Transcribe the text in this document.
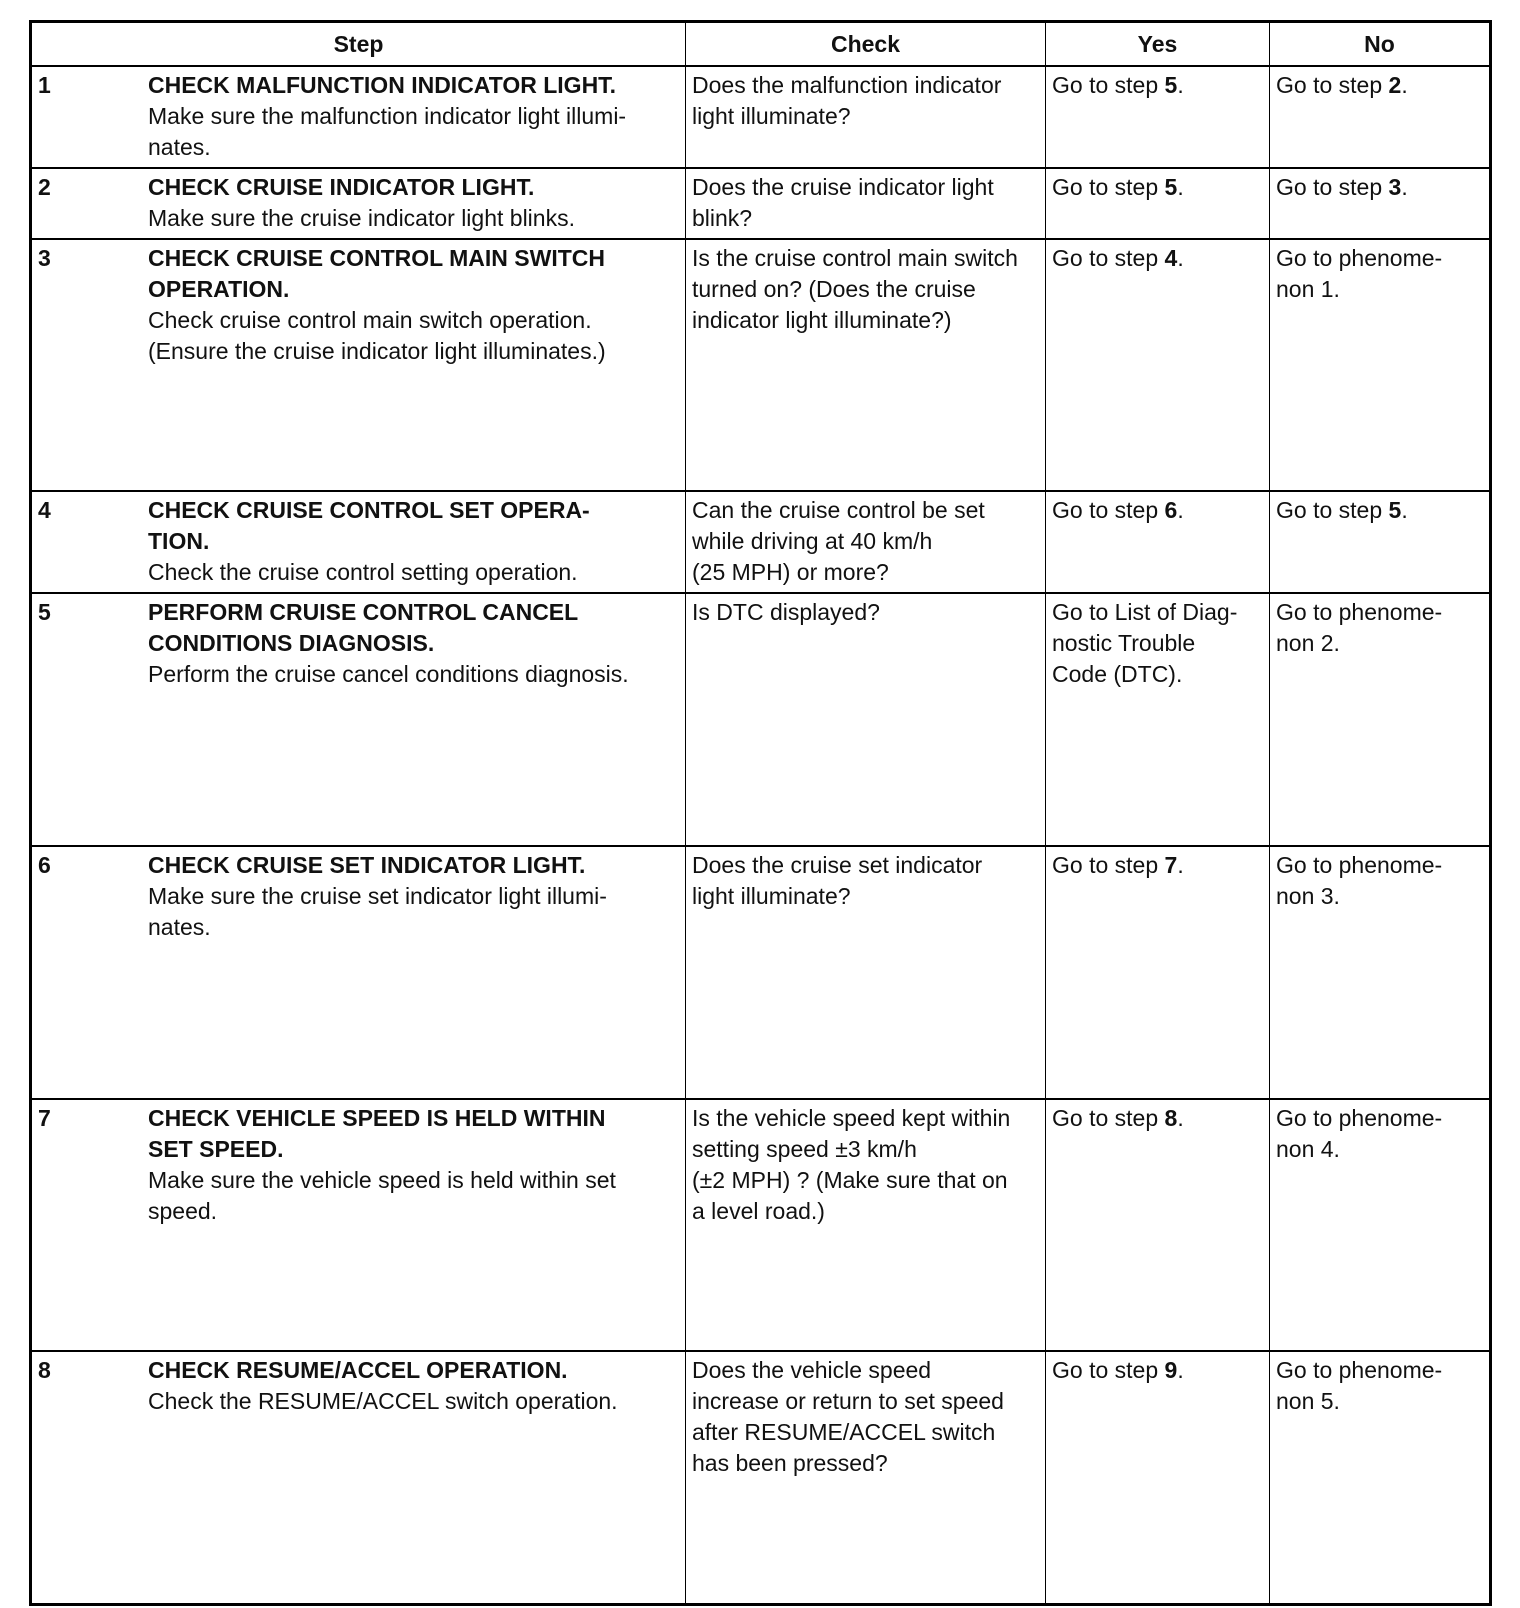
Step	Check	Yes	No
1 CHECK MALFUNCTION INDICATOR LIGHT.
Make sure the malfunction indicator light illumi-
nates.	Does the malfunction indicator
light illuminate?	Go to step 5.	Go to step 2.
2 CHECK CRUISE INDICATOR LIGHT.
Make sure the cruise indicator light blinks.	Does the cruise indicator light
blink?	Go to step 5.	Go to step 3.
3 CHECK CRUISE CONTROL MAIN SWITCH
OPERATION.
Check cruise control main switch operation.
(Ensure the cruise indicator light illuminates.)	Is the cruise control main switch
turned on? (Does the cruise
indicator light illuminate?)	Go to step 4.	Go to phenome-
non 1.

4 CHECK CRUISE CONTROL SET OPERA-
TION.
Check the cruise control setting operation.	Can the cruise control be set
while driving at 40 km/h
(25 MPH) or more?	Go to step 6.	Go to step 5.
5 PERFORM CRUISE CONTROL CANCEL
CONDITIONS DIAGNOSIS.
Perform the cruise cancel conditions diagnosis.	Is DTC displayed?	Go to List of Diag-
nostic Trouble
Code (DTC).	Go to phenome-
non 2.

6 CHECK CRUISE SET INDICATOR LIGHT.
Make sure the cruise set indicator light illumi-
nates.	Does the cruise set indicator
light illuminate?	Go to step 7.	Go to phenome-
non 3.

7 CHECK VEHICLE SPEED IS HELD WITHIN
SET SPEED.
Make sure the vehicle speed is held within set
speed.	Is the vehicle speed kept within
setting speed ±3 km/h
(±2 MPH) ? (Make sure that on
a level road.)	Go to step 8.	Go to phenome-
non 4.

8 CHECK RESUME/ACCEL OPERATION.
Check the RESUME/ACCEL switch operation.	Does the vehicle speed
increase or return to set speed
after RESUME/ACCEL switch
has been pressed?	Go to step 9.	Go to phenome-
non 5.
